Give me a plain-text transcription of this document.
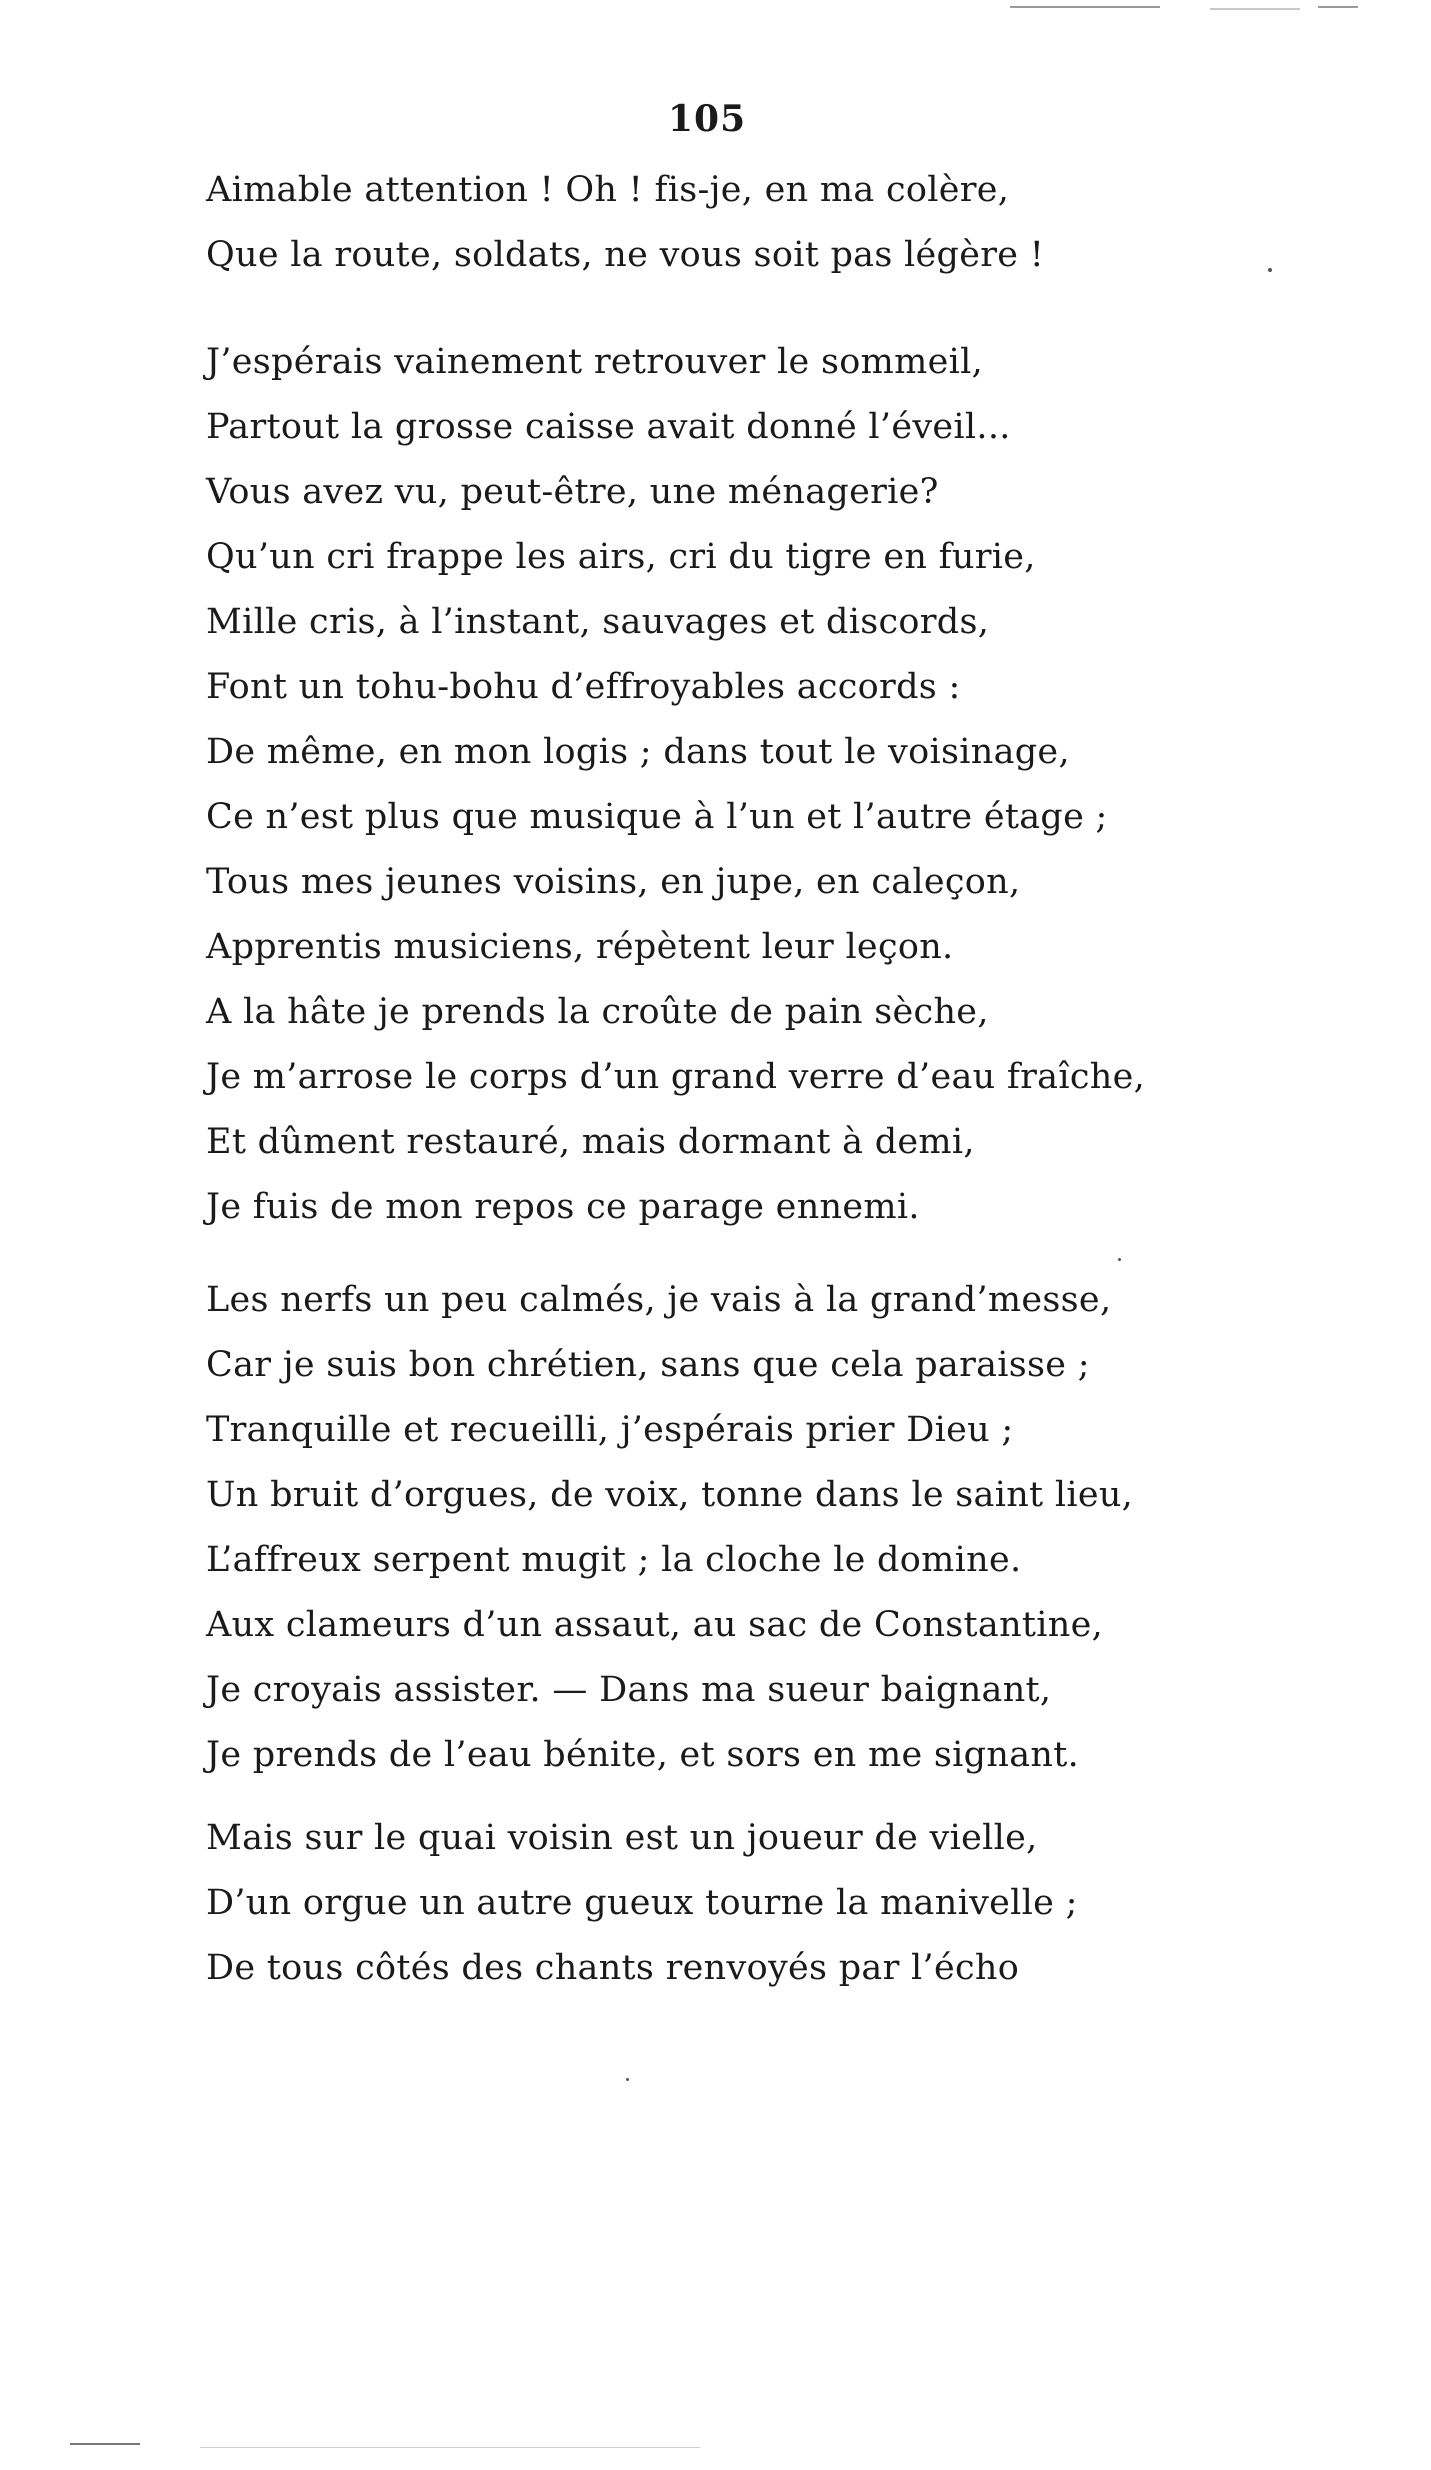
105
Aimable attention ! Oh ! fis-je, en ma colère,
Que la route, soldats, ne vous soit pas légère !
J’espérais vainement retrouver le sommeil,
Partout la grosse caisse avait donné l’éveil...
Vous avez vu, peut-être, une ménagerie?
Qu’un cri frappe les airs, cri du tigre en furie,
Mille cris, à l’instant, sauvages et discords,
Font un tohu-bohu d’effroyables accords :
De même, en mon logis ; dans tout le voisinage,
Ce n’est plus que musique à l’un et l’autre étage ;
Tous mes jeunes voisins, en jupe, en caleçon,
Apprentis musiciens, répètent leur leçon.
A la hâte je prends la croûte de pain sèche,
Je m’arrose le corps d’un grand verre d’eau fraîche,
Et dûment restauré, mais dormant à demi,
Je fuis de mon repos ce parage ennemi.
Les nerfs un peu calmés, je vais à la grand’messe,
Car je suis bon chrétien, sans que cela paraisse ;
Tranquille et recueilli, j’espérais prier Dieu ;
Un bruit d’orgues, de voix, tonne dans le saint lieu,
L’affreux serpent mugit ; la cloche le domine.
Aux clameurs d’un assaut, au sac de Constantine,
Je croyais assister. — Dans ma sueur baignant,
Je prends de l’eau bénite, et sors en me signant.
Mais sur le quai voisin est un joueur de vielle,
D’un orgue un autre gueux tourne la manivelle ;
De tous côtés des chants renvoyés par l’écho
